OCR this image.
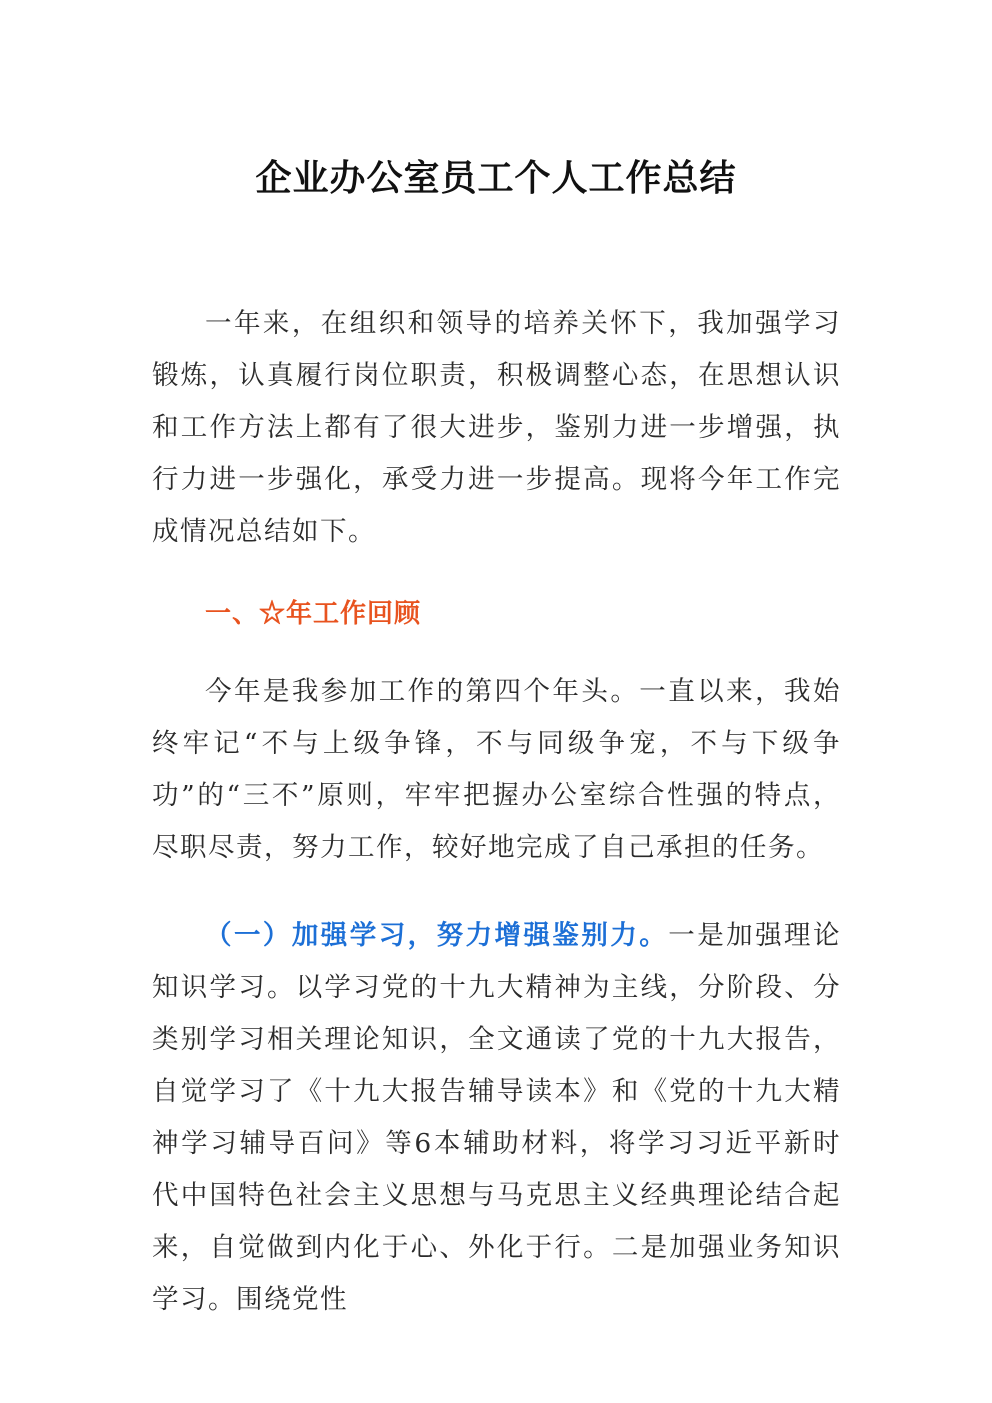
企业办公室员工个人工作总结

一年来，在组织和领导的培养关怀下，我加强学习锻炼，认真履行岗位职责，积极调整心态，在思想认识和工作方法上都有了很大进步，鉴别力进一步增强，执行力进一步强化，承受力进一步提高。现将今年工作完成情况总结如下。

一、☆年工作回顾

今年是我参加工作的第四个年头。一直以来，我始终牢记“不与上级争锋，不与同级争宠，不与下级争功”的“三不”原则，牢牢把握办公室综合性强的特点，尽职尽责，努力工作，较好地完成了自己承担的任务。

（一）加强学习，努力增强鉴别力。一是加强理论知识学习。以学习党的十九大精神为主线，分阶段、分类别学习相关理论知识，全文通读了党的十九大报告，自觉学习了《十九大报告辅导读本》和《党的十九大精神学习辅导百问》等6本辅助材料，将学习习近平新时代中国特色社会主义思想与马克思主义经典理论结合起来，自觉做到内化于心、外化于行。二是加强业务知识学习。围绕党性
